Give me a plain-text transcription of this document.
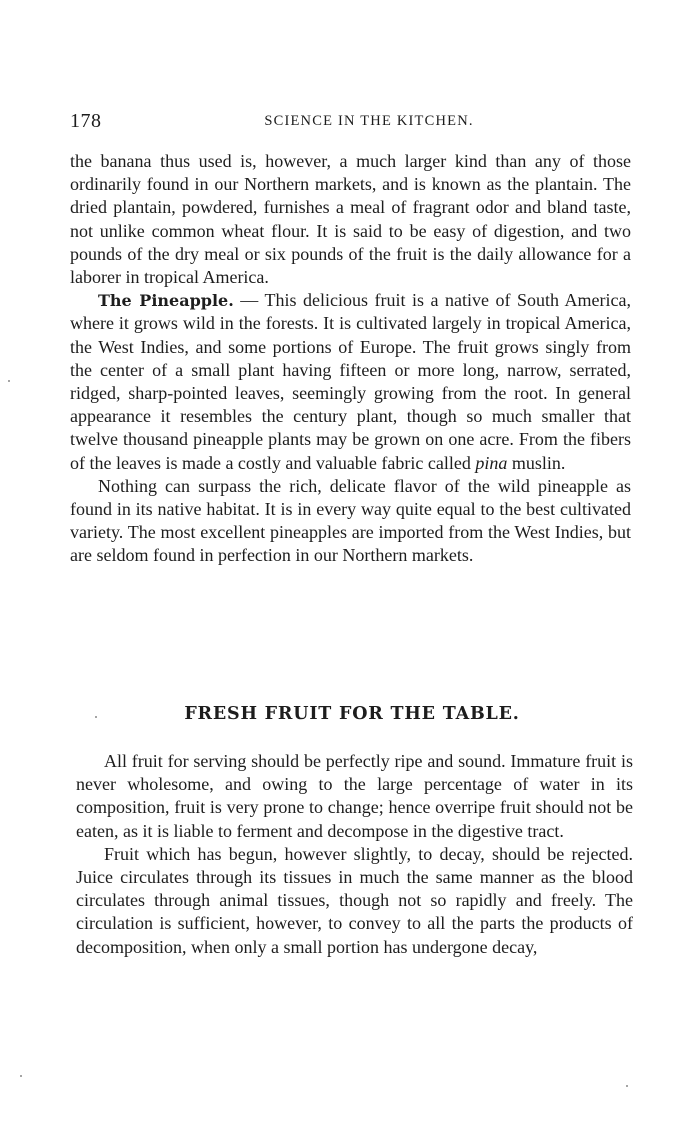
178	SCIENCE IN THE KITCHEN.

the banana thus used is, however, a much larger kind than any of those ordinarily found in our Northern markets, and is known as the plantain. The dried plantain, powdered, furnishes a meal of fragrant odor and bland taste, not unlike common wheat flour. It is said to be easy of digestion, and two pounds of the dry meal or six pounds of the fruit is the daily allowance for a laborer in tropical America.

The Pineapple. — This delicious fruit is a native of South America, where it grows wild in the forests. It is cultivated largely in tropical America, the West Indies, and some portions of Europe. The fruit grows singly from the center of a small plant having fifteen or more long, narrow, serrated, ridged, sharp-pointed leaves, seemingly growing from the root. In general appearance it resembles the century plant, though so much smaller that twelve thousand pineapple plants may be grown on one acre. From the fibers of the leaves is made a costly and valuable fabric called pina muslin.

Nothing can surpass the rich, delicate flavor of the wild pineapple as found in its native habitat. It is in every way quite equal to the best cultivated variety. The most excellent pineapples are imported from the West Indies, but are seldom found in perfection in our Northern markets.

FRESH FRUIT FOR THE TABLE.

All fruit for serving should be perfectly ripe and sound. Immature fruit is never wholesome, and owing to the large percentage of water in its composition, fruit is very prone to change; hence overripe fruit should not be eaten, as it is liable to ferment and decompose in the digestive tract.

Fruit which has begun, however slightly, to decay, should be rejected. Juice circulates through its tissues in much the same manner as the blood circulates through animal tissues, though not so rapidly and freely. The circulation is sufficient, however, to convey to all the parts the products of decomposition, when only a small portion has undergone decay,
